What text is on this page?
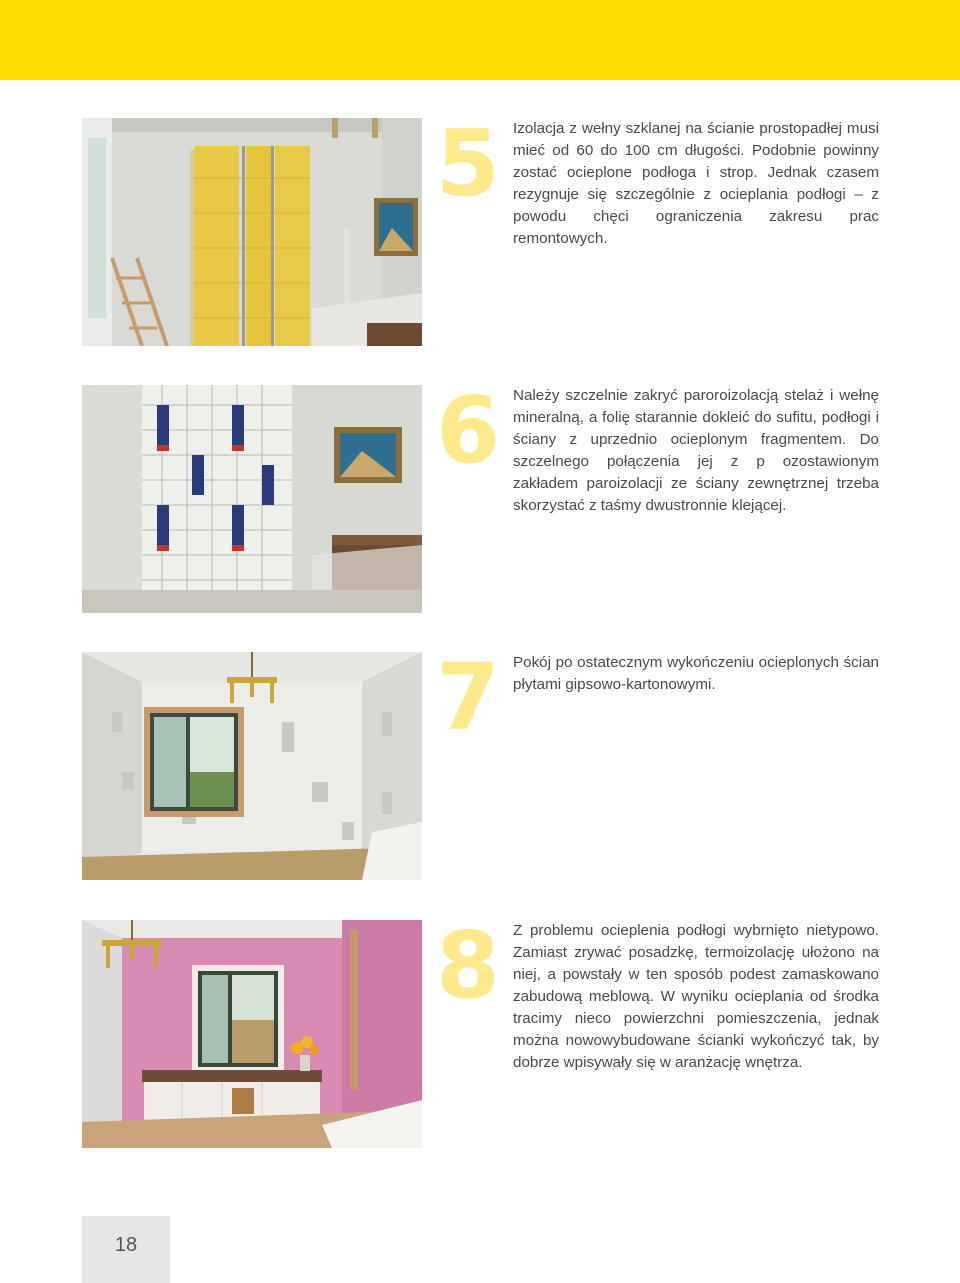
5 Izolacja z wełny szklanej na ścianie prostopadłej musi mieć od 60 do 100 cm długości. Podobnie powinny zostać ocieplone podłoga i strop. Jednak czasem rezygnuje się szczególnie z ocieplania podłogi – z powodu chęci ograniczenia zakresu prac remontowych.
6 Należy szczelnie zakryć paroroizolacją stelaż i wełnę mineralną, a folię starannie dokleić do sufitu, podłogi i ściany z uprzednio ocieplonym fragmentem. Do szczelnego połączenia jej z p ozostawionym zakładem paroizolacji ze ściany zewnętrznej trzeba skorzystać z taśmy dwustronnie klejącej.
7 Pokój po ostatecznym wykończeniu ocieplonych ścian płytami gipsowo-kartonowymi.
8 Z problemu ocieplenia podłogi wybrnięto nietypowo. Zamiast zrywać posadzkę, termoizolację ułożono na niej, a powstały w ten sposób podest zamaskowano zabudową meblową. W wyniku ocieplania od środka tracimy nieco powierzchni pomieszczenia, jednak można nowowybudowane ścianki wykończyć tak, by dobrze wpisywały się w aranżację wnętrza.
18
